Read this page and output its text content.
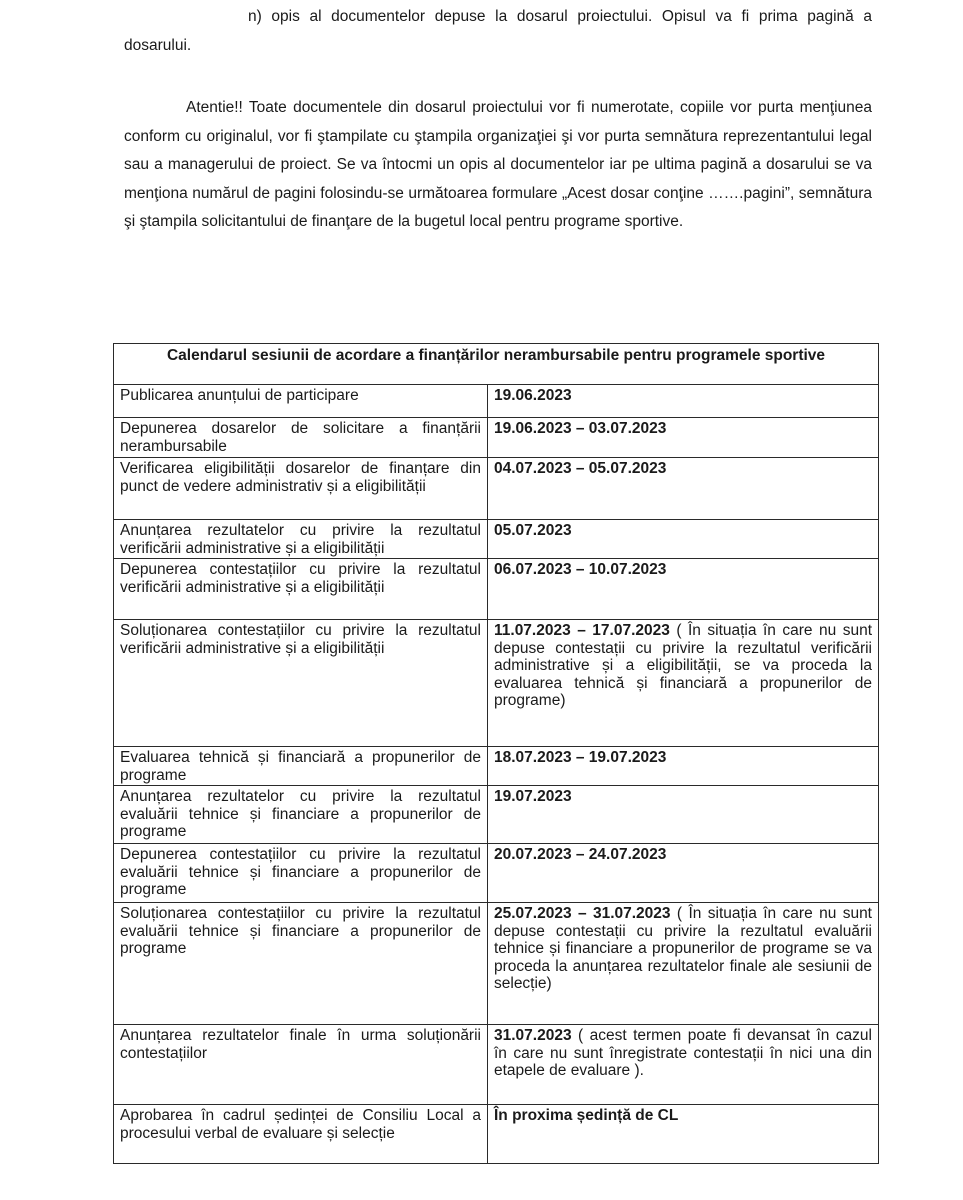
n) opis al documentelor depuse la dosarul proiectului. Opisul va fi prima pagină a dosarului.
Atentie!! Toate documentele din dosarul proiectului vor fi numerotate, copiile vor purta menţiunea conform cu originalul, vor fi ştampilate cu ştampila organizaţiei şi vor purta semnătura reprezentantului legal sau a managerului de proiect. Se va întocmi un opis al documentelor iar pe ultima pagină a dosarului se va menţiona numărul de pagini folosindu-se următoarea formulare „Acest dosar conţine …….pagini”, semnătura şi ştampila solicitantului de finanţare de la bugetul local pentru programe sportive.
Calendarul sesiunii de acordare a finanțărilor nerambursabile pentru programele sportive	
Publicarea anunțului de participare	19.06.2023
Depunerea dosarelor de solicitare a finanțării nerambursabile	19.06.2023 – 03.07.2023
Verificarea eligibilității dosarelor de finanțare din punct de vedere administrativ și a eligibilității	04.07.2023 – 05.07.2023
Anunțarea rezultatelor cu privire la rezultatul verificării administrative și a eligibilității	05.07.2023
Depunerea contestațiilor cu privire la rezultatul verificării administrative și a eligibilității	06.07.2023 – 10.07.2023
Soluționarea contestațiilor cu privire la rezultatul verificării administrative și a eligibilității	11.07.2023 – 17.07.2023 ( În situația în care nu sunt depuse contestații cu privire la rezultatul verificării administrative și a eligibilității, se va proceda la evaluarea tehnică și financiară a propunerilor de programe)
Evaluarea tehnică și financiară a propunerilor de programe	18.07.2023 – 19.07.2023
Anunțarea rezultatelor cu privire la rezultatul evaluării tehnice și financiare a propunerilor de programe	19.07.2023
Depunerea contestațiilor cu privire la rezultatul evaluării tehnice și financiare a propunerilor de programe	20.07.2023 – 24.07.2023
Soluționarea contestațiilor cu privire la rezultatul evaluării tehnice și financiare a propunerilor de programe	25.07.2023 – 31.07.2023 ( În situația în care nu sunt depuse contestații cu privire la rezultatul evaluării tehnice și financiare a propunerilor de programe se va proceda la anunțarea rezultatelor finale ale sesiunii de selecție)
Anunțarea rezultatelor finale în urma soluționării contestațiilor	31.07.2023 ( acest termen poate fi devansat în cazul în care nu sunt înregistrate contestații în nici una din etapele de evaluare ).
Aprobarea în cadrul ședinței de Consiliu Local a procesului verbal de evaluare și selecție	În proxima ședință de CL
